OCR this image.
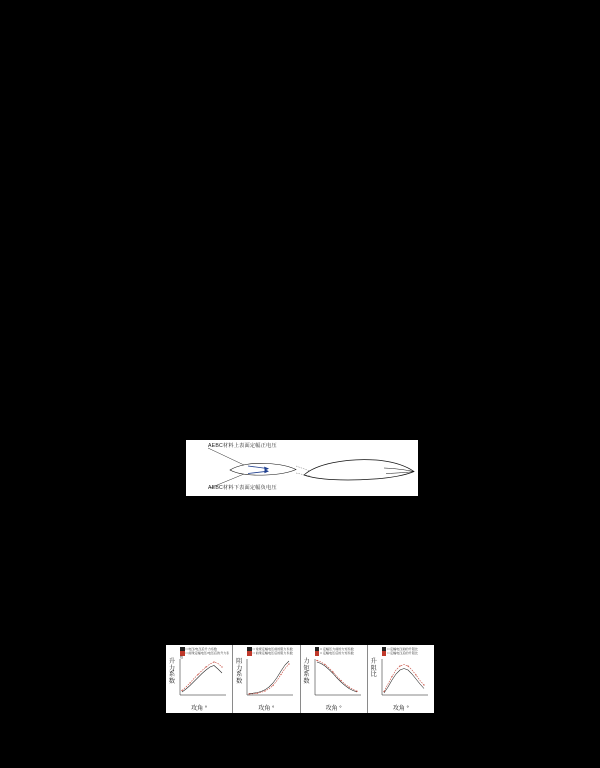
AEBC材料上表面定幅正电压
AEBC材料下表面定幅负电压
□ 电压/电压后升力系数
□ 前缘定幅电压/电压后的升力系数
升力系数
攻角 °
□ 常规定幅电压前的阻力系数
□ 前缘定幅电压后的阻力系数
阻力系数
攻角 °
□ 定幅压力前的力矩系数
□ 定幅电压后的力矩系数
力矩系数
攻角 °
□ 定幅电压前的升阻比
□ 定幅电压后的升阻比
升阻比
攻角 °
